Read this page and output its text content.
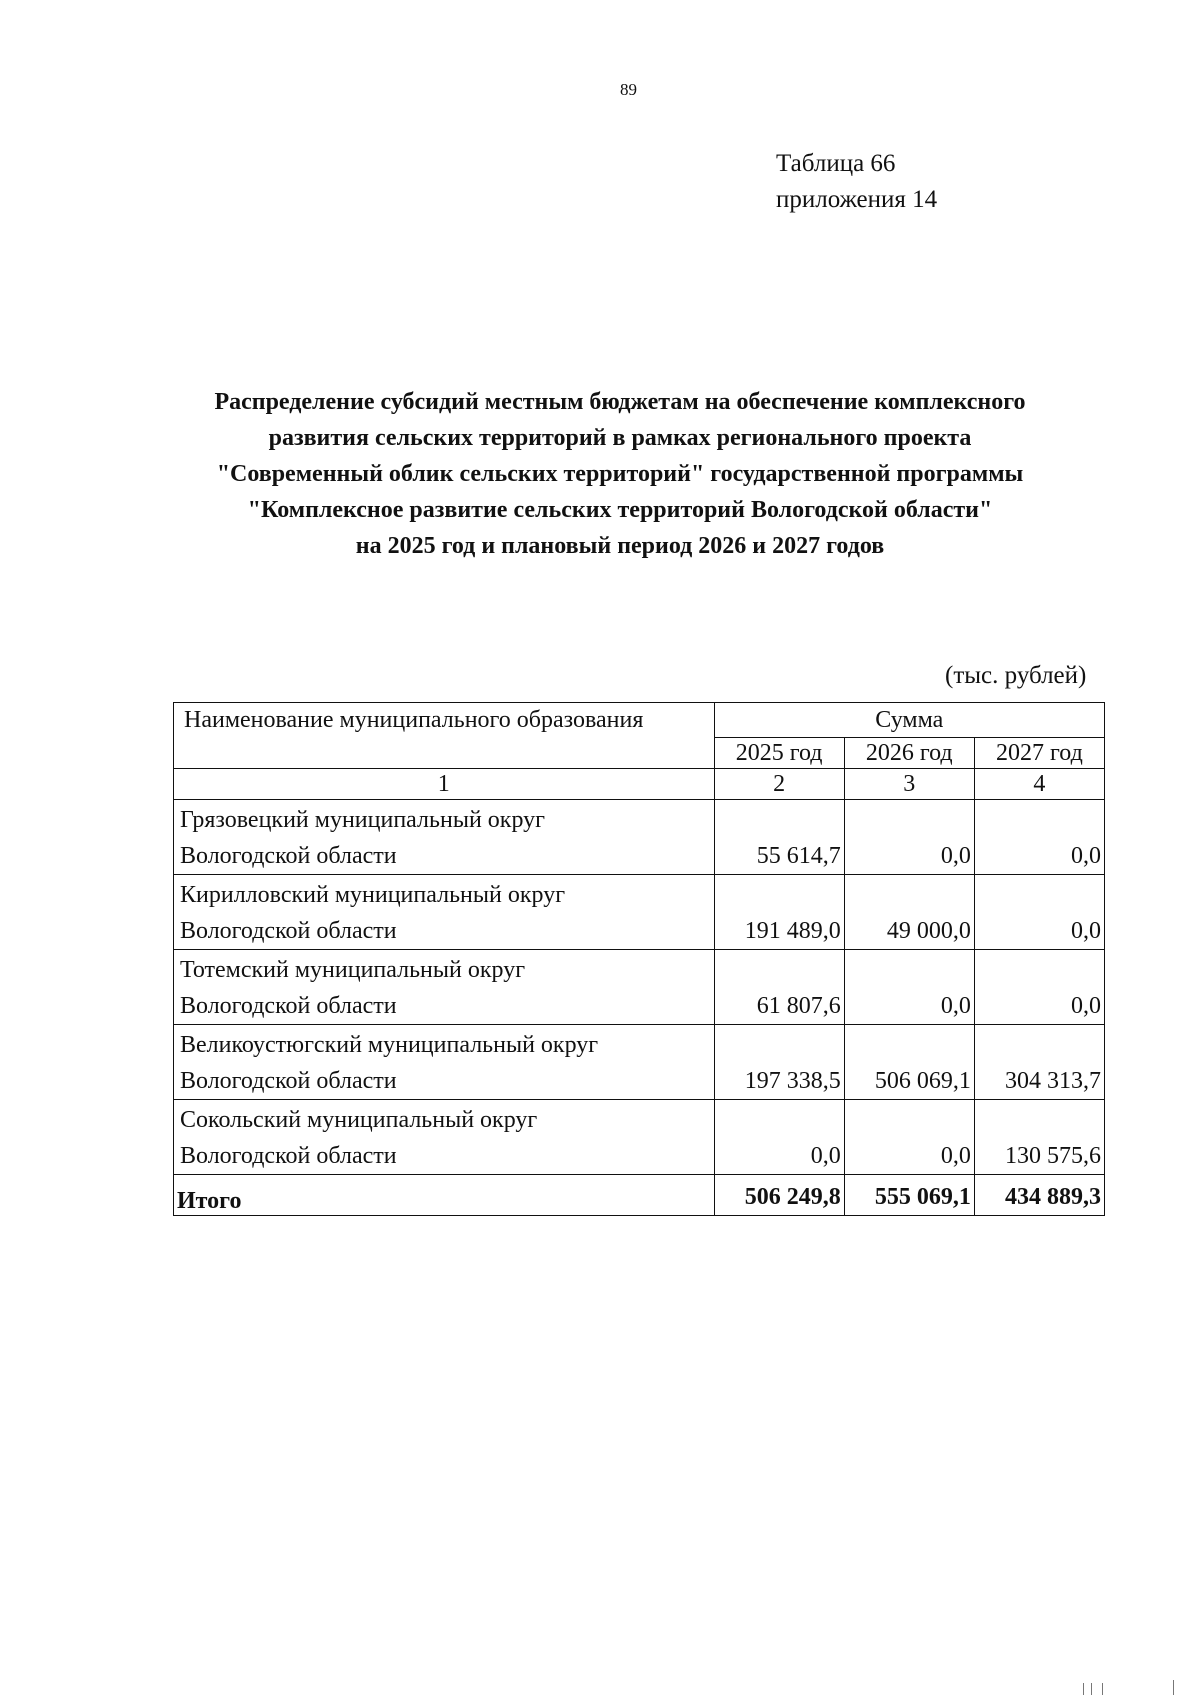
89
Таблица 66
приложения 14
Распределение субсидий местным бюджетам на обеспечение комплексного
развития сельских территорий в рамках регионального проекта
"Современный облик сельских территорий" государственной программы
"Комплексное развитие сельских территорий Вологодской области"
на 2025 год и плановый период 2026 и 2027 годов
(тыс. рублей)
Наименование муниципального образования	Сумма		
	2025 год	2026 год	2027 год
1	2	3	4

Грязовецкий муниципальный округ
Вологодской области	55 614,7	0,0	0,0

Кирилловский муниципальный округ
Вологодской области	191 489,0	49 000,0	0,0

Тотемский муниципальный округ
Вологодской области	61 807,6	0,0	0,0

Великоустюгский муниципальный округ
Вологодской области	197 338,5	506 069,1	304 313,7

Сокольский муниципальный округ
Вологодской области	0,0	0,0	130 575,6
Итого	506 249,8	555 069,1	434 889,3
